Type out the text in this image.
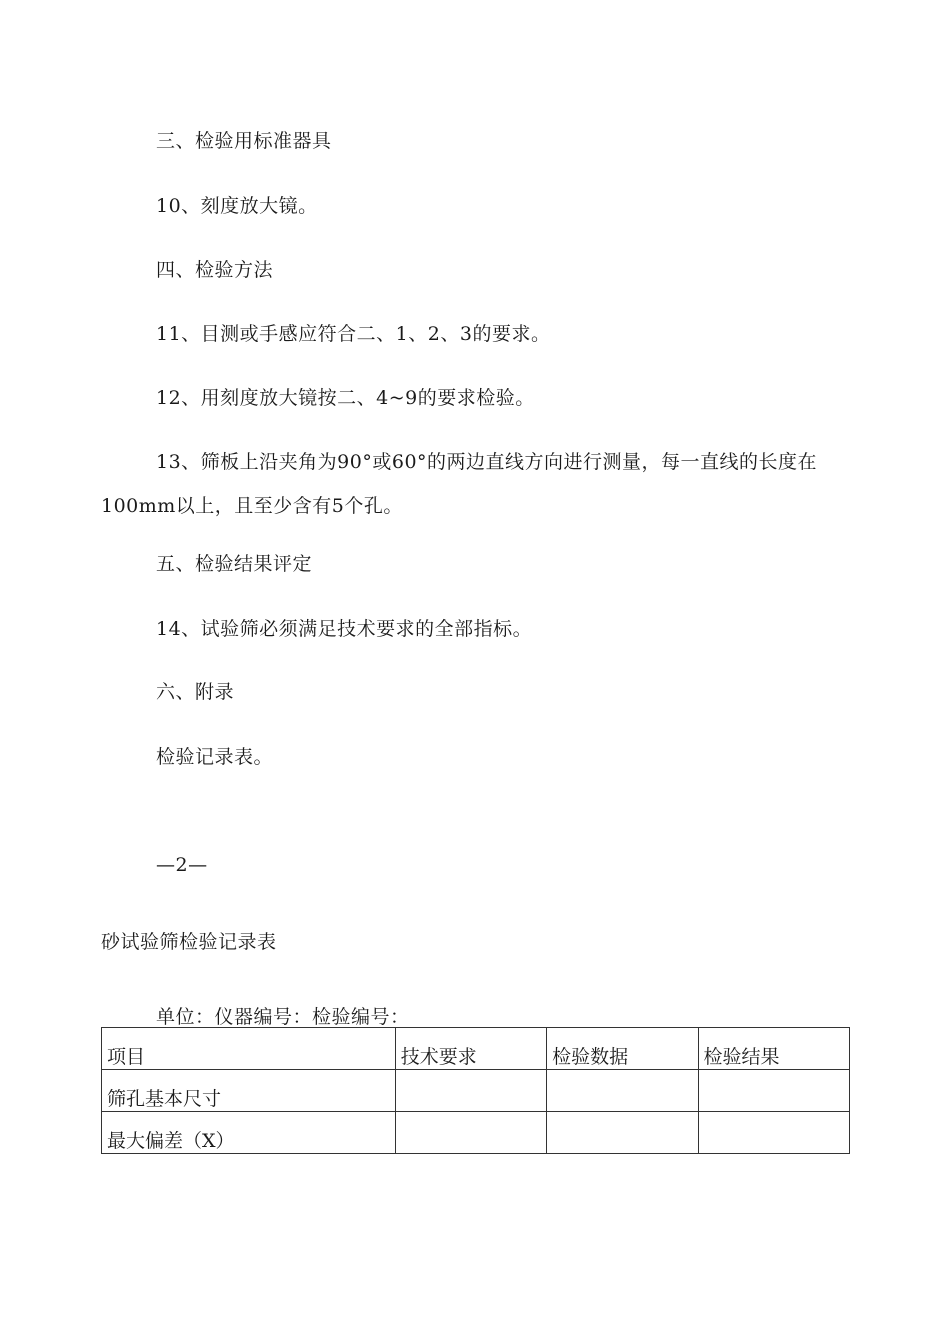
三、检验用标准器具
10、刻度放大镜。
四、检验方法
11、目测或手感应符合二、1、2、3的要求。
12、用刻度放大镜按二、4~9的要求检验。
13、筛板上沿夹角为90°或60°的两边直线方向进行测量，每一直线的长度在100mm以上，且至少含有5个孔。
五、检验结果评定
14、试验筛必须满足技术要求的全部指标。
六、附录
检验记录表。
—2—
砂试验筛检验记录表
单位：仪器编号：检验编号：
项目	技术要求	检验数据	检验结果
筛孔基本尺寸			
最大偏差（X）			
